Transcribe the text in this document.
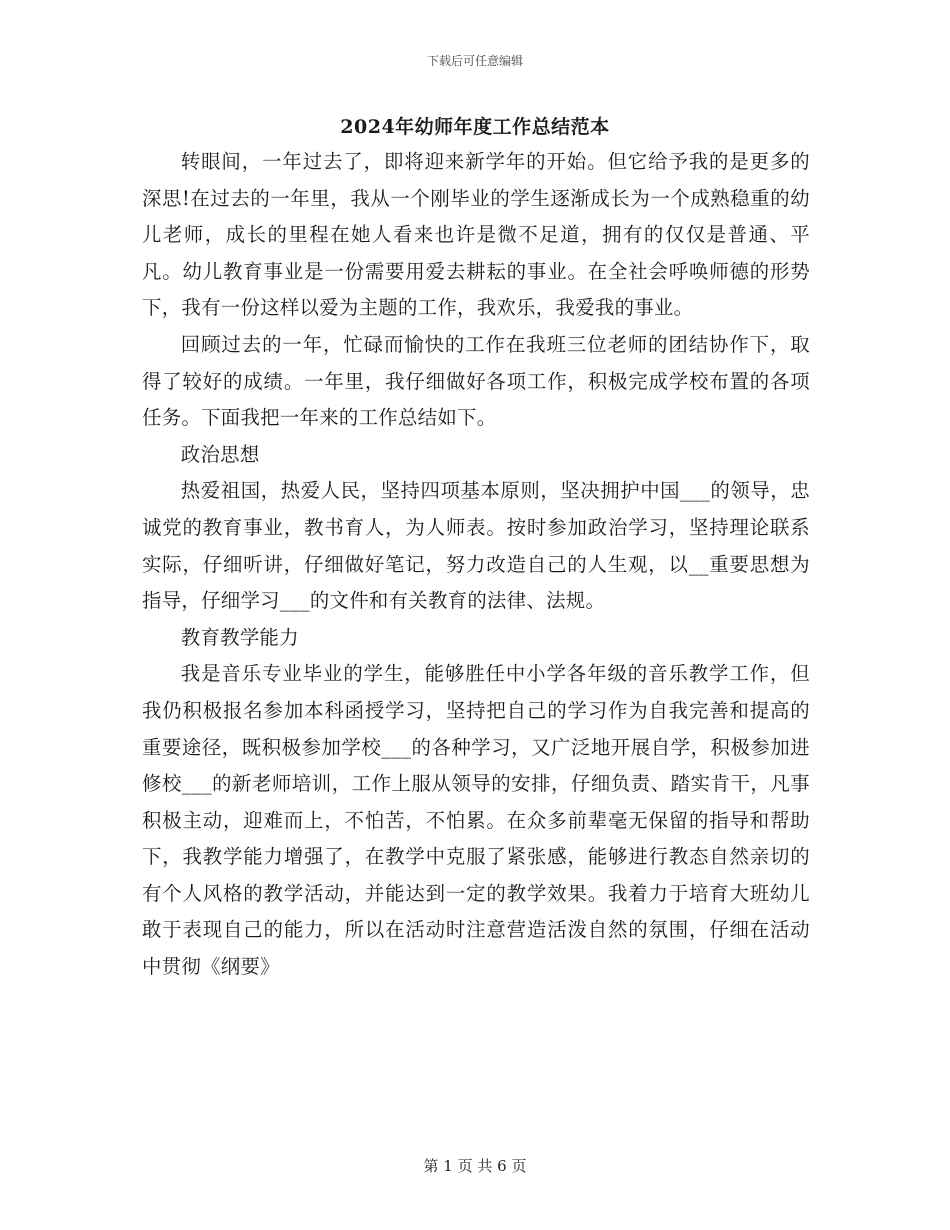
下载后可任意编辑
2024年幼师年度工作总结范本

转眼间，一年过去了，即将迎来新学年的开始。但它给予我的是更多的深思!在过去的一年里，我从一个刚毕业的学生逐渐成长为一个成熟稳重的幼儿老师，成长的里程在她人看来也许是微不足道，拥有的仅仅是普通、平凡。幼儿教育事业是一份需要用爱去耕耘的事业。在全社会呼唤师德的形势下，我有一份这样以爱为主题的工作，我欢乐，我爱我的事业。

回顾过去的一年，忙碌而愉快的工作在我班三位老师的团结协作下，取得了较好的成绩。一年里，我仔细做好各项工作，积极完成学校布置的各项任务。下面我把一年来的工作总结如下。

政治思想

热爱祖国，热爱人民，坚持四项基本原则，坚决拥护中国___的领导，忠诚党的教育事业，教书育人，为人师表。按时参加政治学习，坚持理论联系实际，仔细听讲，仔细做好笔记，努力改造自己的人生观，以__重要思想为指导，仔细学习___的文件和有关教育的法律、法规。

教育教学能力

我是音乐专业毕业的学生，能够胜任中小学各年级的音乐教学工作，但我仍积极报名参加本科函授学习，坚持把自己的学习作为自我完善和提高的重要途径，既积极参加学校___的各种学习，又广泛地开展自学，积极参加进修校___的新老师培训，工作上服从领导的安排，仔细负责、踏实肯干，凡事积极主动，迎难而上，不怕苦，不怕累。在众多前辈毫无保留的指导和帮助下，我教学能力增强了，在教学中克服了紧张感，能够进行教态自然亲切的有个人风格的教学活动，并能达到一定的教学效果。我着力于培育大班幼儿敢于表现自己的能力，所以在活动时注意营造活泼自然的氛围，仔细在活动中贯彻《纲要》

第 1 页 共 6 页
